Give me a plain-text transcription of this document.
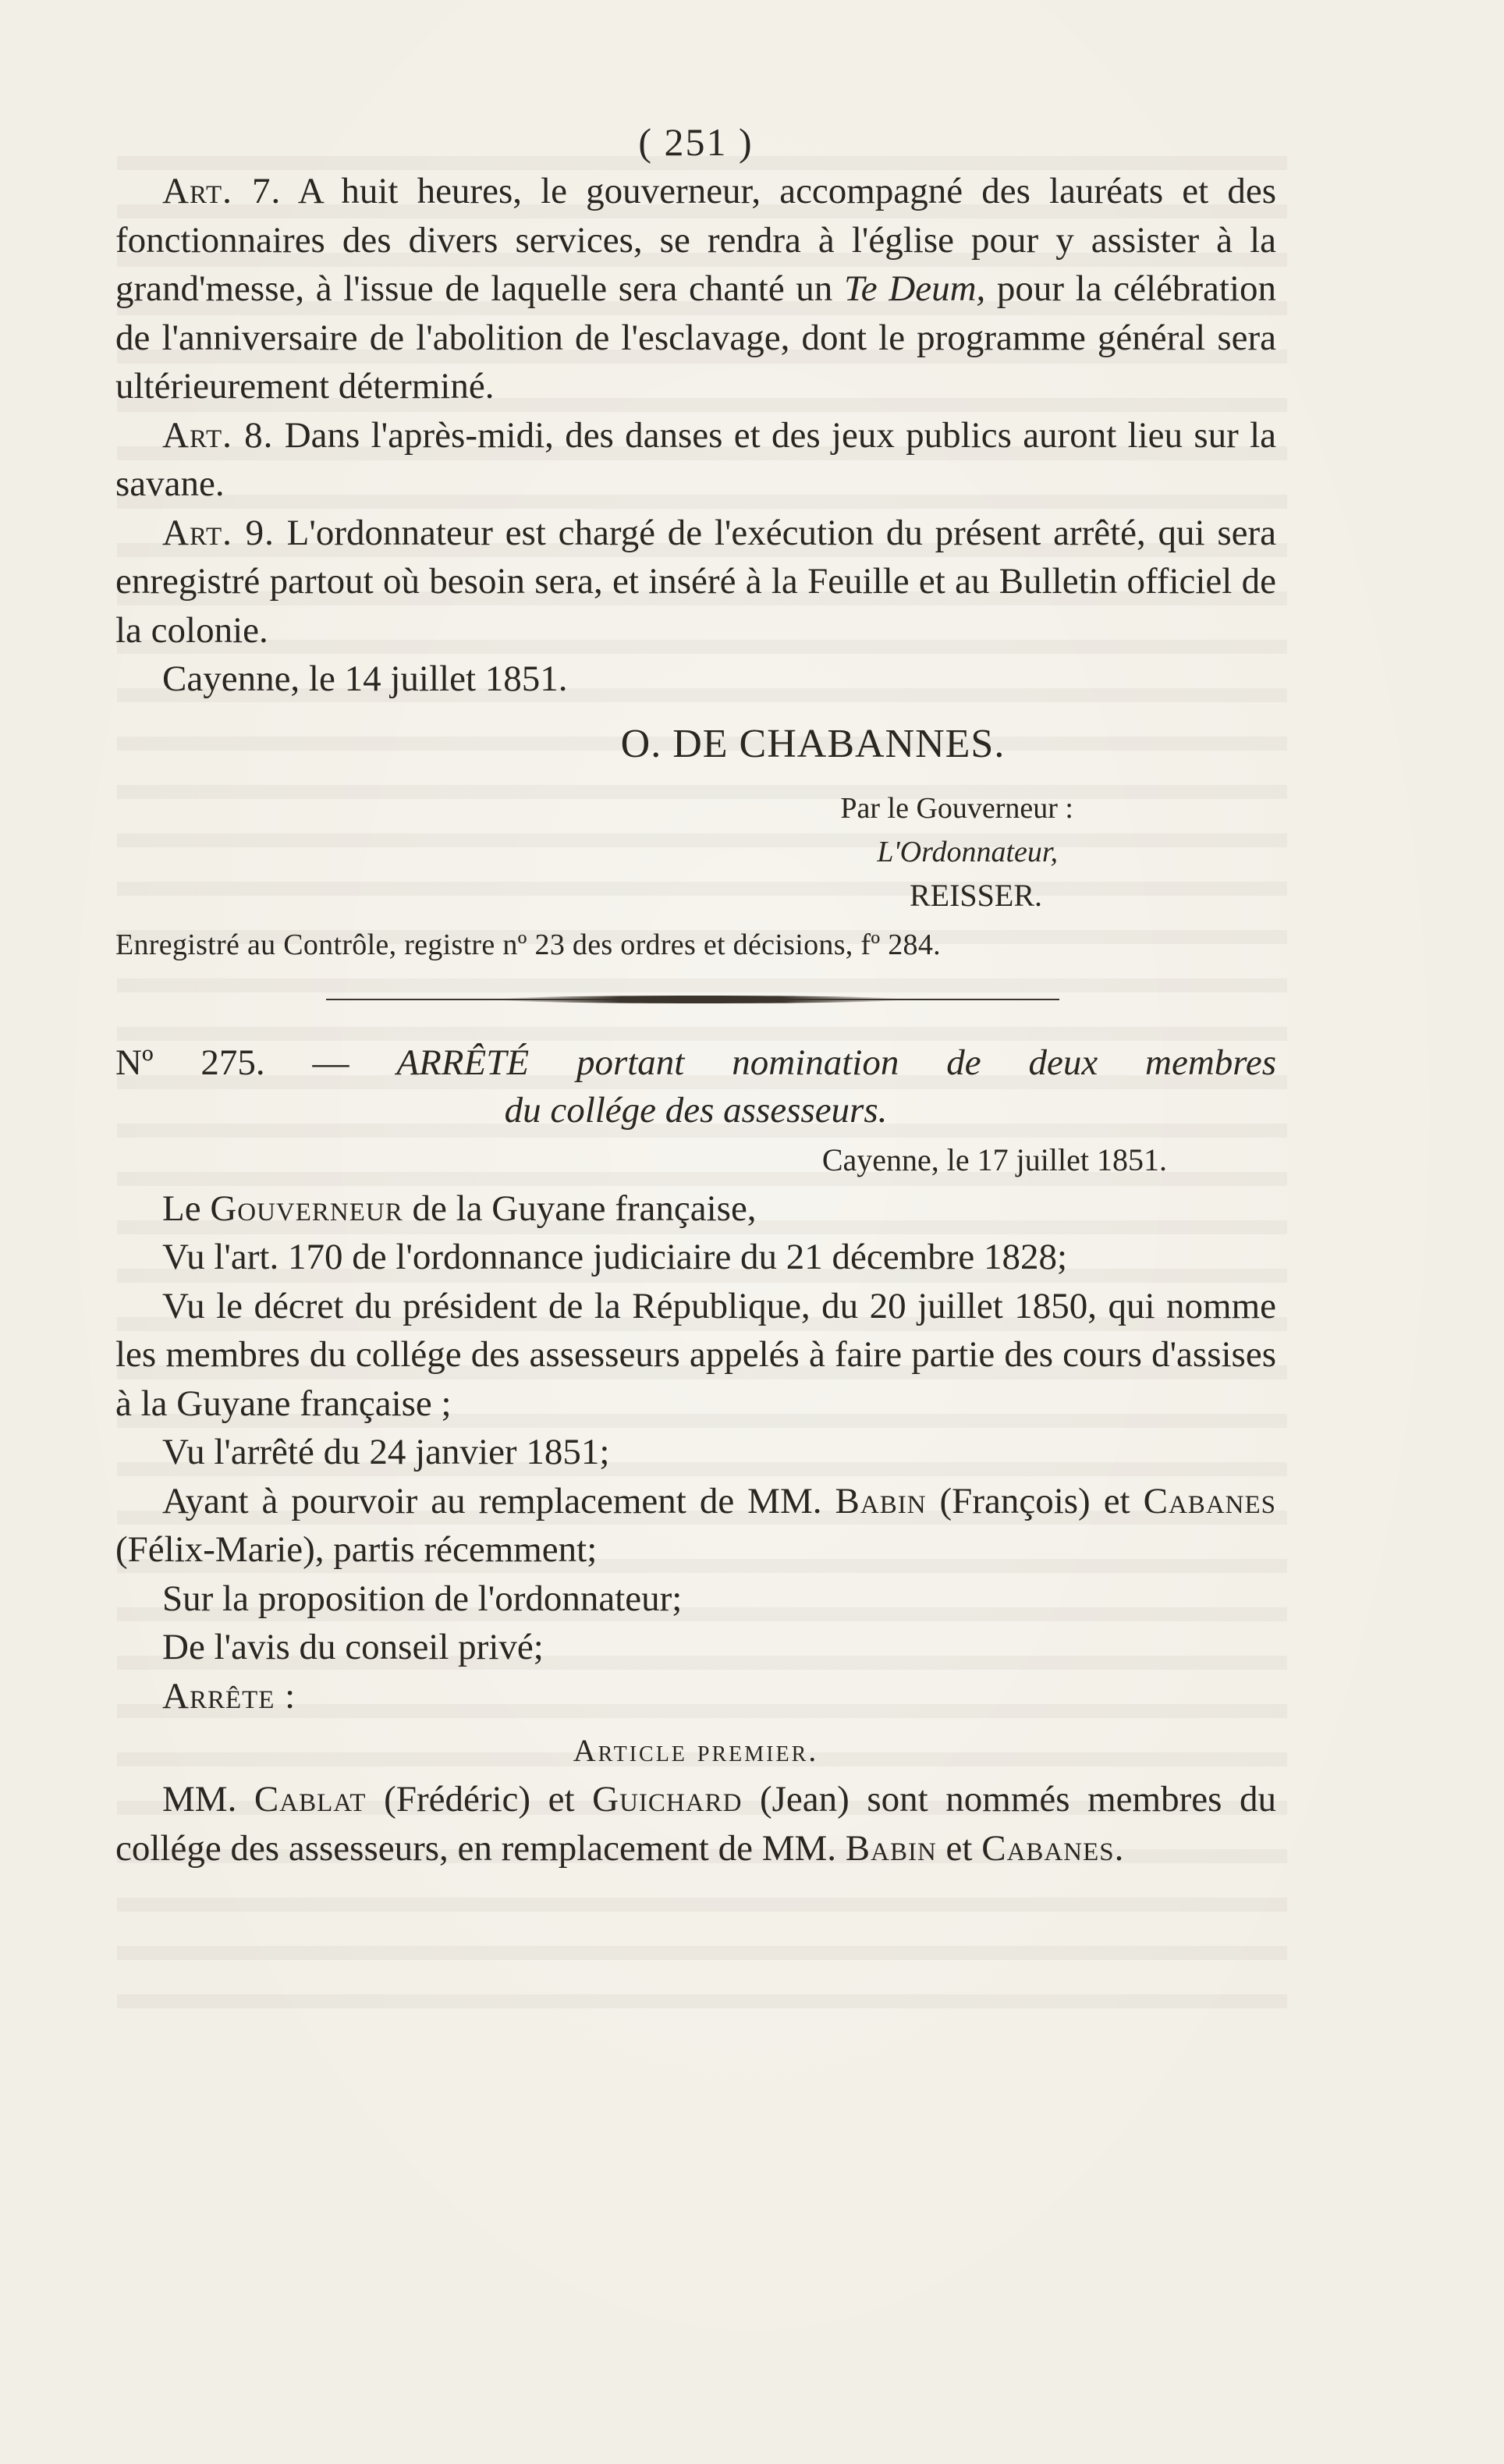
( 251 )

Art. 7. A huit heures, le gouverneur, accompagné des lauréats et des fonctionnaires des divers services, se rendra à l'église pour y assister à la grand'messe, à l'issue de laquelle sera chanté un Te Deum, pour la célébration de l'anniversaire de l'abolition de l'esclavage, dont le programme général sera ultérieurement déterminé.

Art. 8. Dans l'après-midi, des danses et des jeux publics auront lieu sur la savane.

Art. 9. L'ordonnateur est chargé de l'exécution du présent arrêté, qui sera enregistré partout où besoin sera, et inséré à la Feuille et au Bulletin officiel de la colonie.

Cayenne, le 14 juillet 1851.

O. DE CHABANNES.
Par le Gouverneur :
L'Ordonnateur,
REISSER.
Enregistré au Contrôle, registre nº 23 des ordres et décisions, fº 284.
Nº 275. — ARRÊTÉ portant nomination de deux membres
du collége des assesseurs.
Cayenne, le 17 juillet 1851.

Le Gouverneur de la Guyane française,

Vu l'art. 170 de l'ordonnance judiciaire du 21 décembre 1828;

Vu le décret du président de la République, du 20 juillet 1850, qui nomme les membres du collége des assesseurs appelés à faire partie des cours d'assises à la Guyane française ;

Vu l'arrêté du 24 janvier 1851;

Ayant à pourvoir au remplacement de MM. Babin (François) et Cabanes (Félix-Marie), partis récemment;

Sur la proposition de l'ordonnateur;

De l'avis du conseil privé;

Arrête :

Article premier.

MM. Cablat (Frédéric) et Guichard (Jean) sont nommés membres du collége des assesseurs, en remplacement de MM. Babin et Cabanes.
